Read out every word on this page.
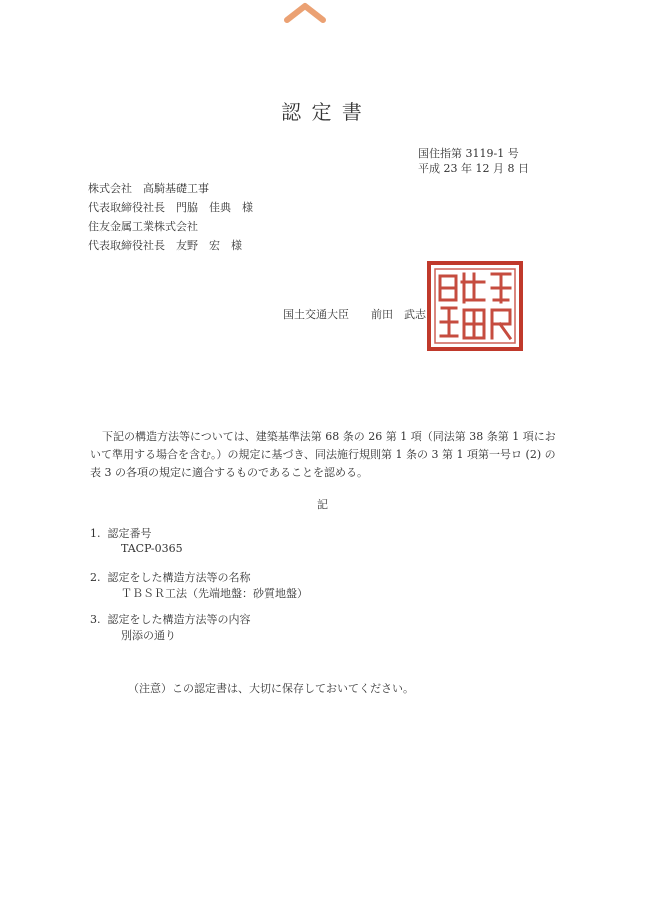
認 定 書
国住指第 3119-1 号
平成 23 年 12 月 8 日
株式会社　高騎基礎工事
代表取締役社長　門脇　佳典　様
住友金属工業株式会社
代表取締役社長　友野　宏　様
国土交通大臣　　前田　武志
下記の構造方法等については、建築基準法第 68 条の 26 第 1 項（同法第 38 条第 1 項において準用する場合を含む。）の規定に基づき、同法施行規則第 1 条の 3 第 1 項第一号ロ (2) の表 3 の各項の規定に適合するものであることを認める。
記
1.  認定番号
TACP-0365
2.  認定をした構造方法等の名称
ＴＢＳＲ工法（先端地盤：砂質地盤）
3.  認定をした構造方法等の内容
別添の通り
（注意）この認定書は、大切に保存しておいてください。
